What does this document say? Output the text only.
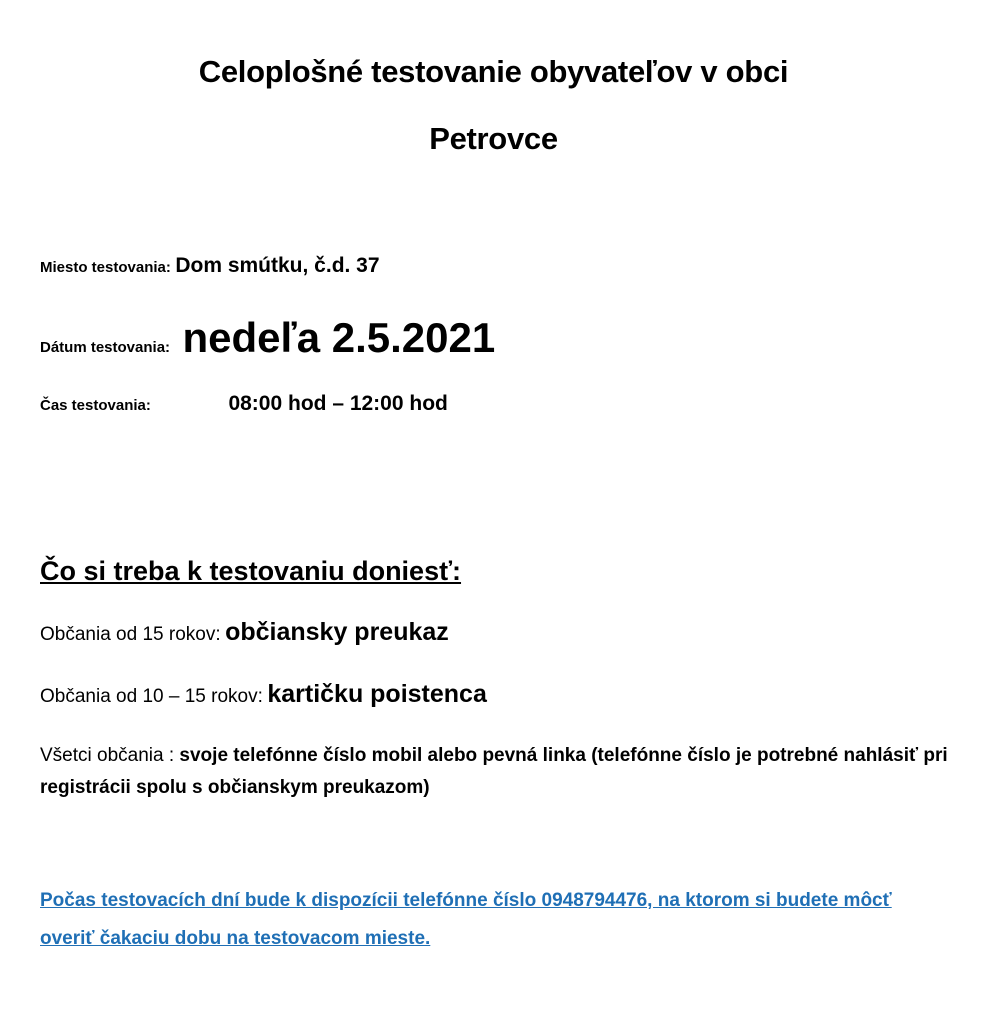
Celoplošné testovanie obyvateľov v obci
Petrovce
Miesto testovania: Dom smútku, č.d. 37
Dátum testovania: nedeľa 2.5.2021
Čas testovania:	08:00 hod – 12:00 hod
Čo si treba k testovaniu doniesť:
Občania od 15 rokov: občiansky preukaz
Občania od 10 – 15 rokov: kartičku poistenca
Všetci občania : svoje telefónne číslo mobil alebo pevná linka (telefónne číslo je potrebné nahlásiť pri registrácii spolu s občianskym preukazom)
Počas testovacích dní bude k dispozícii telefónne číslo 0948794476, na ktorom si budete môcť overiť čakaciu dobu na testovacom mieste.
